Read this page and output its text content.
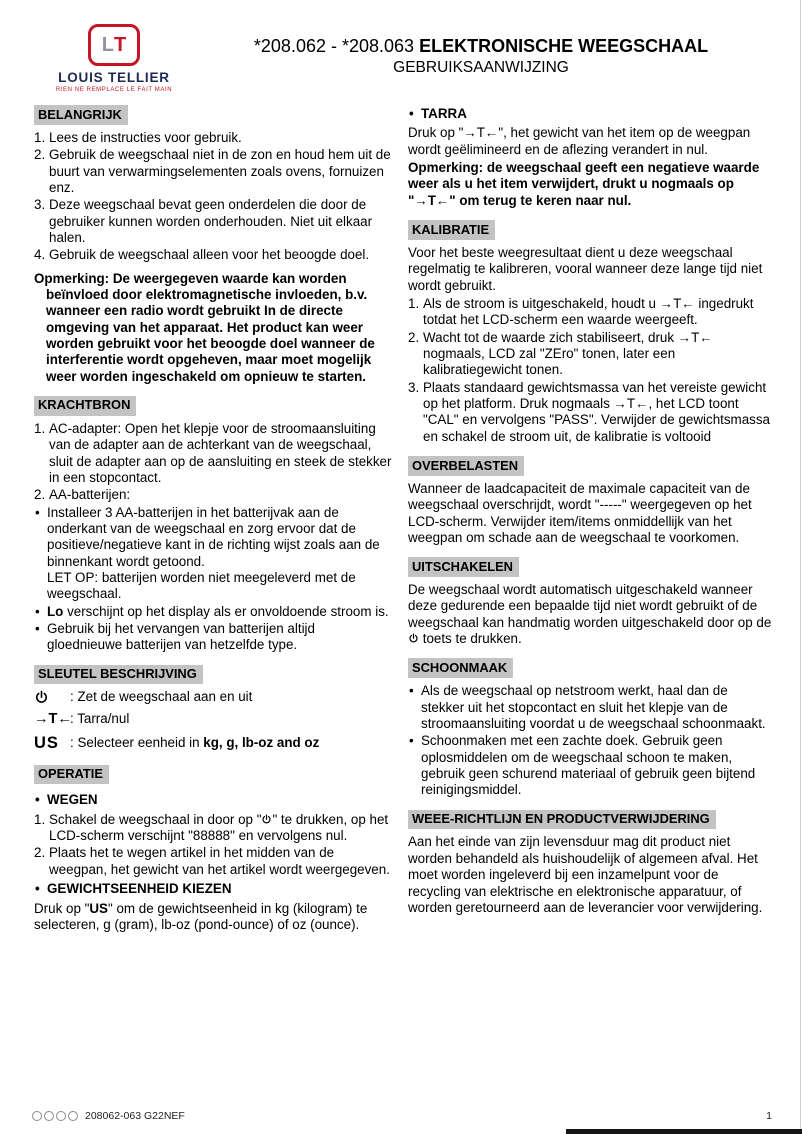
L T
LOUIS TELLIER
RIEN NE REMPLACE LE FAIT MAIN
*208.062 - *208.063 ELEKTRONISCHE WEEGSCHAAL
GEBRUIKSAANWIJZING
BELANGRIJK
Lees de instructies voor gebruik.
Gebruik de weegschaal niet in de zon en houd hem uit de buurt van verwarmingselementen zoals ovens, fornuizen enz.
Deze weegschaal bevat geen onderdelen die door de gebruiker kunnen worden onderhouden. Niet uit elkaar halen.
Gebruik de weegschaal alleen voor het beoogde doel.
Opmerking: De weergegeven waarde kan worden beïnvloed door elektromagnetische invloeden, b.v. wanneer een radio wordt gebruikt In de directe omgeving van het apparaat. Het product kan weer worden gebruikt voor het beoogde doel wanneer de interferentie wordt opgeheven, maar moet mogelijk weer worden ingeschakeld om opnieuw te starten.
KRACHTBRON
AC-adapter: Open het klepje voor de stroomaansluiting van de adapter aan de achterkant van de weegschaal, sluit de adapter aan op de aansluiting en steek de stekker in een stopcontact.
AA-batterijen:
• Installeer 3 AA-batterijen in het batterijvak aan de onderkant van de weegschaal en zorg ervoor dat de positieve/negatieve kant in de richting wijst zoals aan de binnenkant wordt getoond.
LET OP: batterijen worden niet meegeleverd met de weegschaal.
• Lo verschijnt op het display als er onvoldoende stroom is.
• Gebruik bij het vervangen van batterijen altijd gloednieuwe batterijen van hetzelfde type.
SLEUTEL BESCHRIJVING
: Zet de weegschaal aan en uit
→T←
: Tarra/nul
US : Selecteer eenheid in kg, g, lb-oz and oz
OPERATIE
• WEGEN
Schakel de weegschaal in door op " " te drukken, op het LCD-scherm verschijnt "88888" en vervolgens nul.
Plaats het te wegen artikel in het midden van de weegpan, het gewicht van het artikel wordt weergegeven.
• GEWICHTSEENHEID KIEZEN
Druk op "US" om de gewichtseenheid in kg (kilogram) te selecteren, g (gram), lb-oz (pond-ounce) of oz (ounce).
• TARRA
Druk op "→T←", het gewicht van het item op de weegpan wordt geëlimineerd en de aflezing verandert in nul.
Opmerking: de weegschaal geeft een negatieve waarde weer als u het item verwijdert, drukt u nogmaals op "→T←" om terug te keren naar nul.
KALIBRATIE
Voor het beste weegresultaat dient u deze weegschaal regelmatig te kalibreren, vooral wanneer deze lange tijd niet wordt gebruikt.
Als de stroom is uitgeschakeld, houdt u →T← ingedrukt totdat het LCD-scherm een waarde weergeeft.
Wacht tot de waarde zich stabiliseert, druk →T← nogmaals, LCD zal "ZEro" tonen, later een kalibratiegewicht tonen.
Plaats standaard gewichtsmassa van het vereiste gewicht op het platform. Druk nogmaals →T←, het LCD toont "CAL" en vervolgens "PASS". Verwijder de gewichtsmassa en schakel de stroom uit, de kalibratie is voltooid
OVERBELASTEN
Wanneer de laadcapaciteit de maximale capaciteit van de weegschaal overschrijdt, wordt "-----" weergegeven op het LCD-scherm. Verwijder item/items onmiddellijk van het weegpan om schade aan de weegschaal te voorkomen.
UITSCHAKELEN
De weegschaal wordt automatisch uitgeschakeld wanneer deze gedurende een bepaalde tijd niet wordt gebruikt of de weegschaal kan handmatig worden uitgeschakeld door op de  toets te drukken.
SCHOONMAAK
• Als de weegschaal op netstroom werkt, haal dan de stekker uit het stopcontact en sluit het klepje van de stroomaansluiting voordat u de weegschaal schoonmaakt.
• Schoonmaken met een zachte doek. Gebruik geen oplosmiddelen om de weegschaal schoon te maken, gebruik geen schurend materiaal of gebruik geen bijtend reinigingsmiddel.
WEEE-RICHTLIJN EN PRODUCTVERWIJDERING
Aan het einde van zijn levensduur mag dit product niet worden behandeld als huishoudelijk of algemeen afval. Het moet worden ingeleverd bij een inzamelpunt voor de recycling van elektrische en elektronische apparatuur, of worden geretourneerd aan de leverancier voor verwijdering.
208062-063 G22NEF	1
